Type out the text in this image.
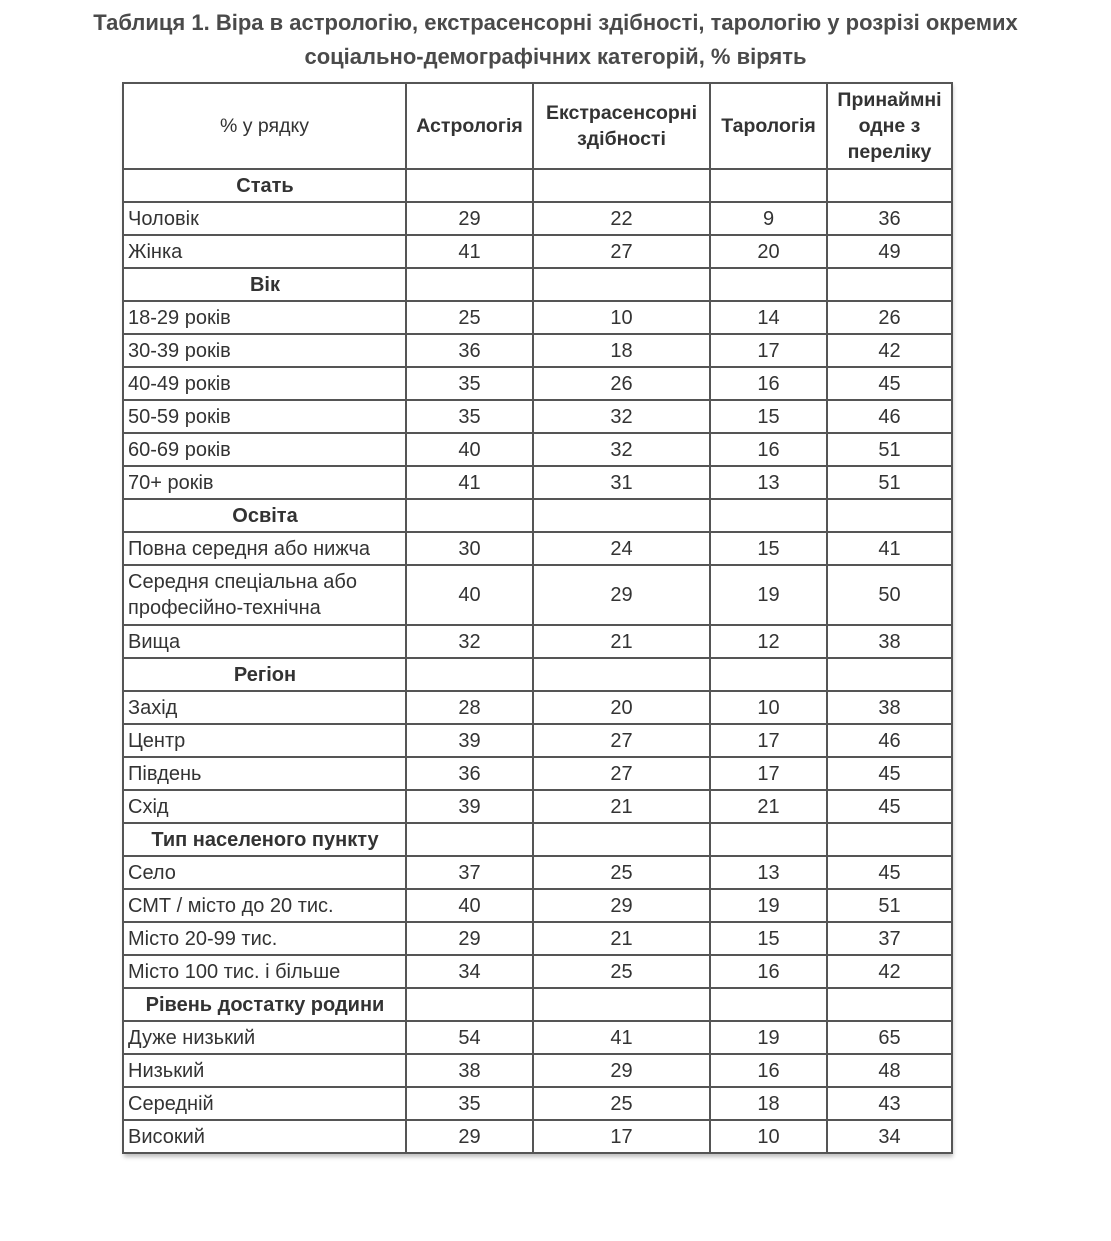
Таблиця 1. Віра в астрологію, екстрасенсорні здібності, тарологію у розрізі окремих
соціально-демографічних категорій, % вірять
% у рядку	Астрологія	Екстрасенсорні здібності	Тарологія	Принаймні одне з переліку
Стать				
Чоловік	29	22	9	36
Жінка	41	27	20	49
Вік				
18-29 років	25	10	14	26
30-39 років	36	18	17	42
40-49 років	35	26	16	45
50-59 років	35	32	15	46
60-69 років	40	32	16	51
70+ років	41	31	13	51
Освіта				
Повна середня або нижча	30	24	15	41
Середня спеціальна або професійно-технічна	40	29	19	50
Вища	32	21	12	38
Регіон				
Захід	28	20	10	38
Центр	39	27	17	46
Південь	36	27	17	45
Схід	39	21	21	45
Тип населеного пункту				
Село	37	25	13	45
СМТ / місто до 20 тис.	40	29	19	51
Місто 20-99 тис.	29	21	15	37
Місто 100 тис. і більше	34	25	16	42
Рівень достатку родини				
Дуже низький	54	41	19	65
Низький	38	29	16	48
Середній	35	25	18	43
Високий	29	17	10	34
